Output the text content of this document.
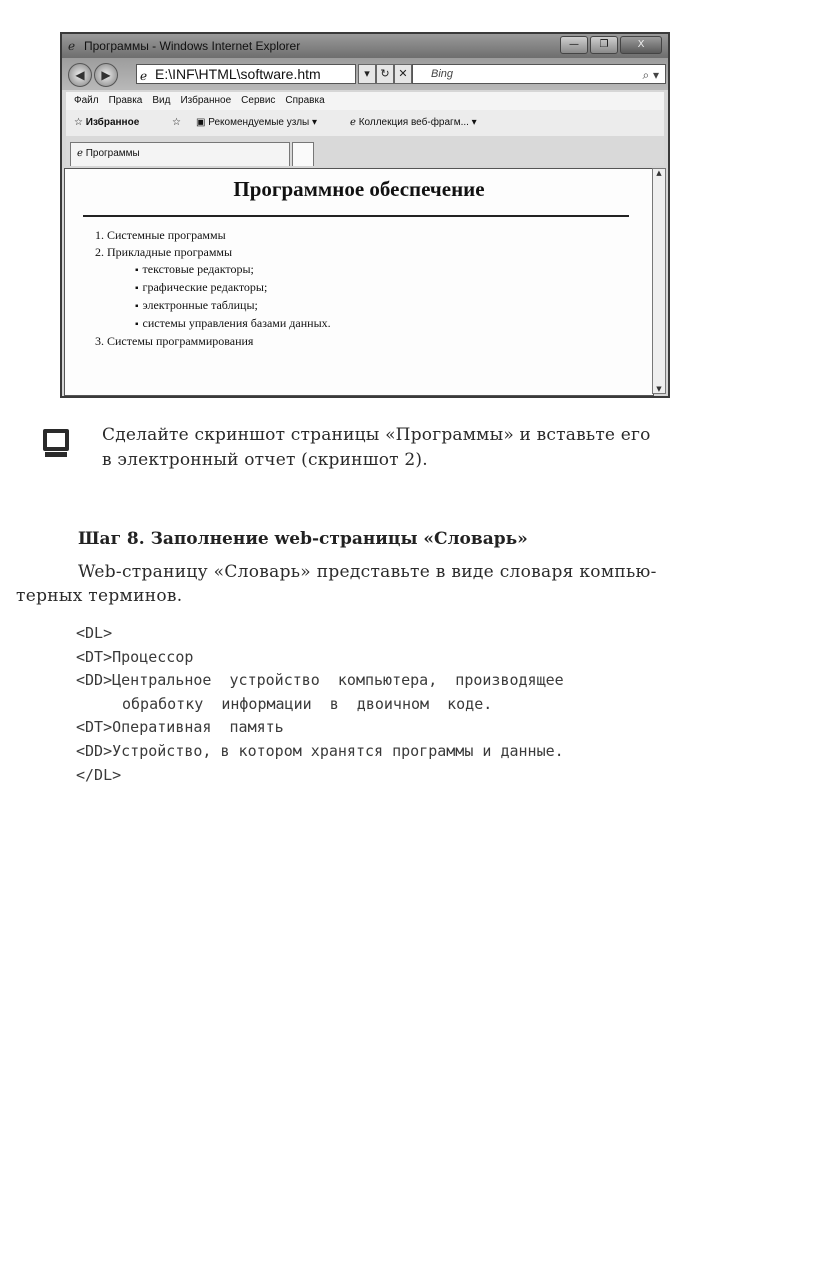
ℯ Программы - Windows Internet Explorer	—	❐	X
◀	▶	ℯ E:\INF\HTML\software.htm	▾ ↻ ✕	Bing	⌕ ▾
Файл Правка Вид Избранное Сервис Справка
☆ Избранное	☆ ▣ Рекомендуемые узлы ▾	ℯ Коллекция веб-фрагм... ▾
ℯ Программы
Программное обеспечение
1. Системные программы
2. Прикладные программы
▪ текстовые редакторы;
▪ графические редакторы;
▪ электронные таблицы;
▪ системы управления базами данных.
3. Системы программирования
▲
▼
Сделайте скриншот страницы «Программы» и вставьте его
в электронный отчет (скриншот 2).
Шаг 8. Заполнение web-страницы «Словарь»
Web-страницу «Словарь» представьте в виде словаря компью-
терных терминов.
<DL>
<DT>Процессор
<DD>Центральное  устройство  компьютера,  производящее
обработку  информации  в  двоичном  коде.
<DT>Оперативная  память
<DD>Устройство, в котором хранятся программы и данные.
</DL>
